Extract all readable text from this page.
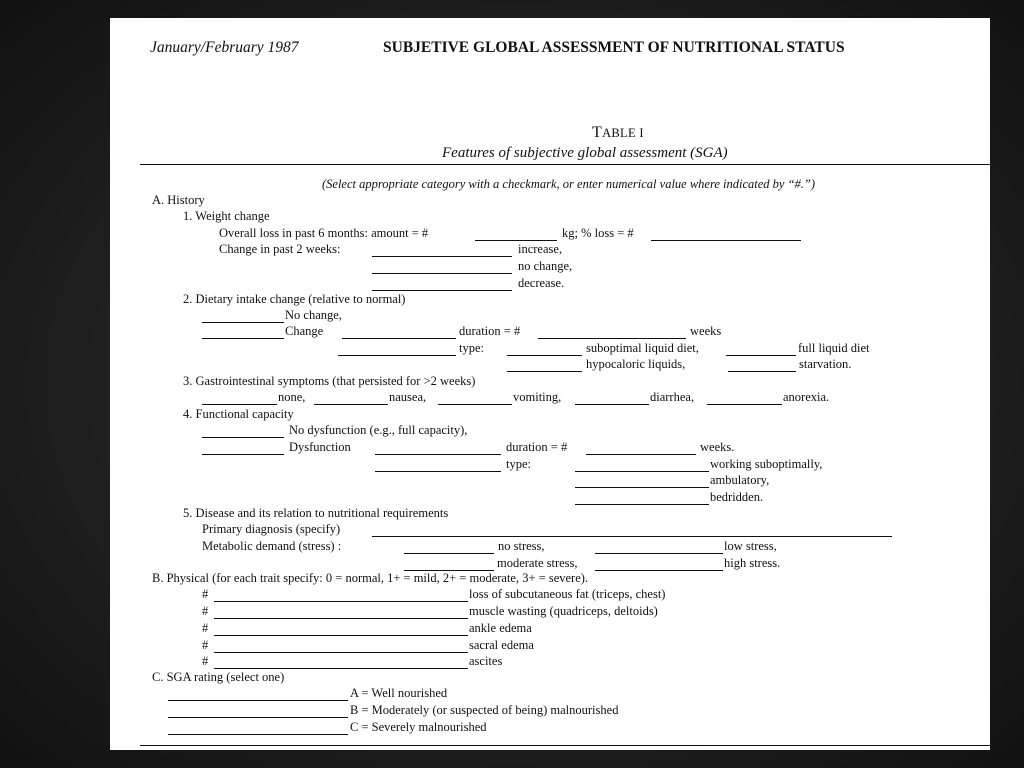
January/February 1987	SUBJETIVE GLOBAL ASSESSMENT OF NUTRITIONAL STATUS
TABLE I
Features of subjective global assessment (SGA)
(Select appropriate category with a checkmark, or enter numerical value where indicated by “#.”)
A. History
1. Weight change
Overall loss in past 6 months: amount = #	kg; % loss = #
Change in past 2 weeks:	increase,
no change,
decrease.
2. Dietary intake change (relative to normal)
No change,
Change	duration = #	weeks
type:	suboptimal liquid diet,	full liquid diet
hypocaloric liquids,	starvation.
3. Gastrointestinal symptoms (that persisted for >2 weeks)
none,	nausea,	vomiting,	diarrhea,	anorexia.
4. Functional capacity
No dysfunction (e.g., full capacity),
Dysfunction	duration = #	weeks.
type:	working suboptimally,
ambulatory,
bedridden.
5. Disease and its relation to nutritional requirements
Primary diagnosis (specify)
Metabolic demand (stress) :	no stress,	low stress,
moderate stress,	high stress.
B. Physical (for each trait specify: 0 = normal, 1+ = mild, 2+ = moderate, 3+ = severe).
#	loss of subcutaneous fat (triceps, chest)
#	muscle wasting (quadriceps, deltoids)
#	ankle edema
#	sacral edema
#	ascites
C. SGA rating (select one)
A = Well nourished
B = Moderately (or suspected of being) malnourished
C = Severely malnourished
